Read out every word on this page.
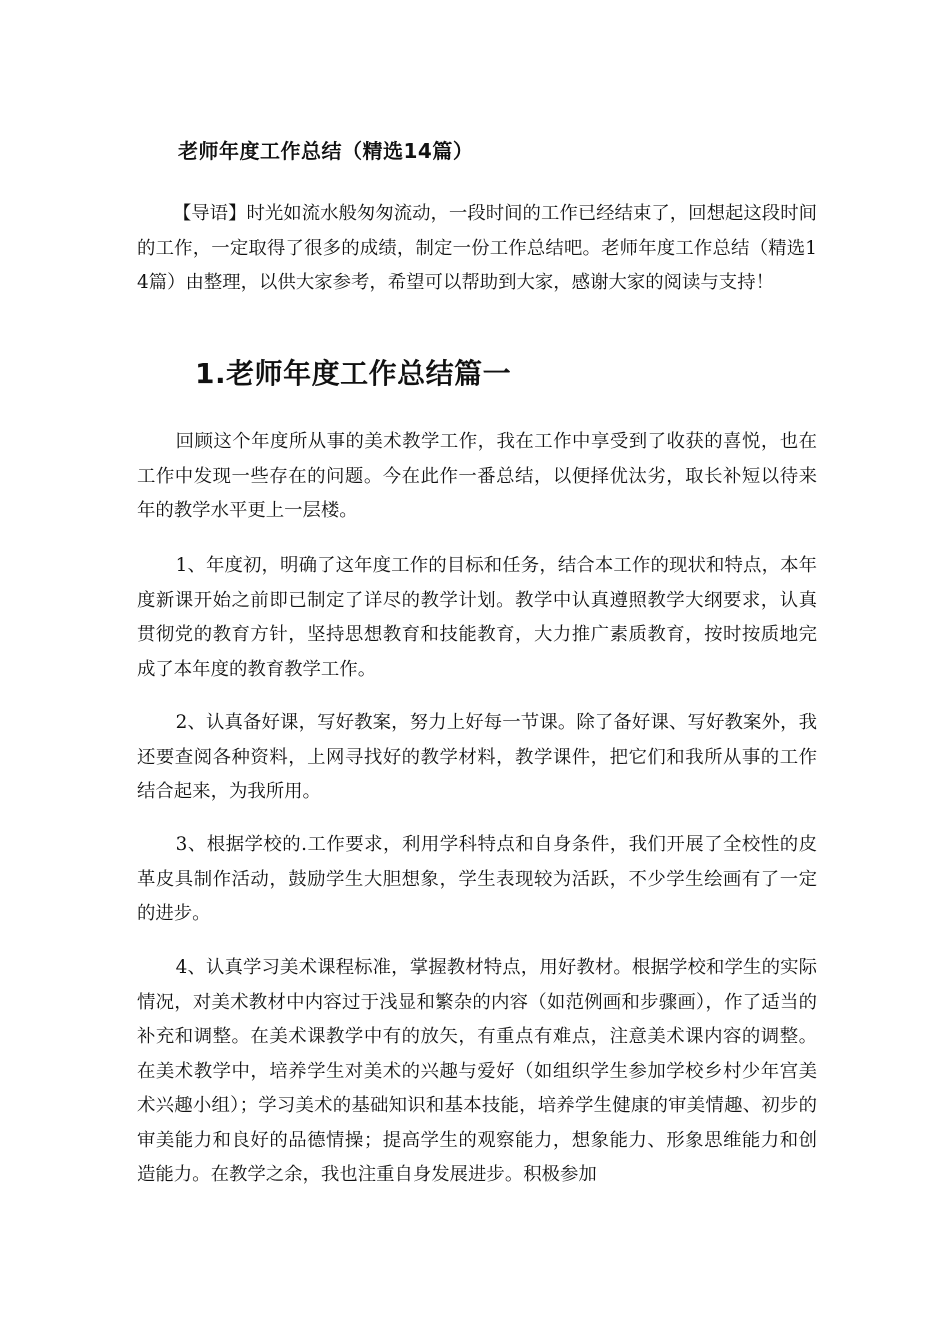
老师年度工作总结（精选14篇）

【导语】时光如流水般匆匆流动，一段时间的工作已经结束了，回想起这段时间的工作，一定取得了很多的成绩，制定一份工作总结吧。老师年度工作总结（精选14篇）由整理，以供大家参考，希望可以帮助到大家，感谢大家的阅读与支持！

1.老师年度工作总结篇一

回顾这个年度所从事的美术教学工作，我在工作中享受到了收获的喜悦，也在工作中发现一些存在的问题。今在此作一番总结，以便择优汰劣，取长补短以待来年的教学水平更上一层楼。

1、年度初，明确了这年度工作的目标和任务，结合本工作的现状和特点，本年度新课开始之前即已制定了详尽的教学计划。教学中认真遵照教学大纲要求，认真贯彻党的教育方针，坚持思想教育和技能教育，大力推广素质教育，按时按质地完成了本年度的教育教学工作。

2、认真备好课，写好教案，努力上好每一节课。除了备好课、写好教案外，我还要查阅各种资料，上网寻找好的教学材料，教学课件，把它们和我所从事的工作结合起来，为我所用。

3、根据学校的.工作要求，利用学科特点和自身条件，我们开展了全校性的皮革皮具制作活动，鼓励学生大胆想象，学生表现较为活跃，不少学生绘画有了一定的进步。

4、认真学习美术课程标准，掌握教材特点，用好教材。根据学校和学生的实际情况，对美术教材中内容过于浅显和繁杂的内容（如范例画和步骤画），作了适当的补充和调整。在美术课教学中有的放矢，有重点有难点，注意美术课内容的调整。在美术教学中，培养学生对美术的兴趣与爱好（如组织学生参加学校乡村少年宫美术兴趣小组）；学习美术的基础知识和基本技能，培养学生健康的审美情趣、初步的审美能力和良好的品德情操；提高学生的观察能力，想象能力、形象思维能力和创造能力。在教学之余，我也注重自身发展进步。积极参加
